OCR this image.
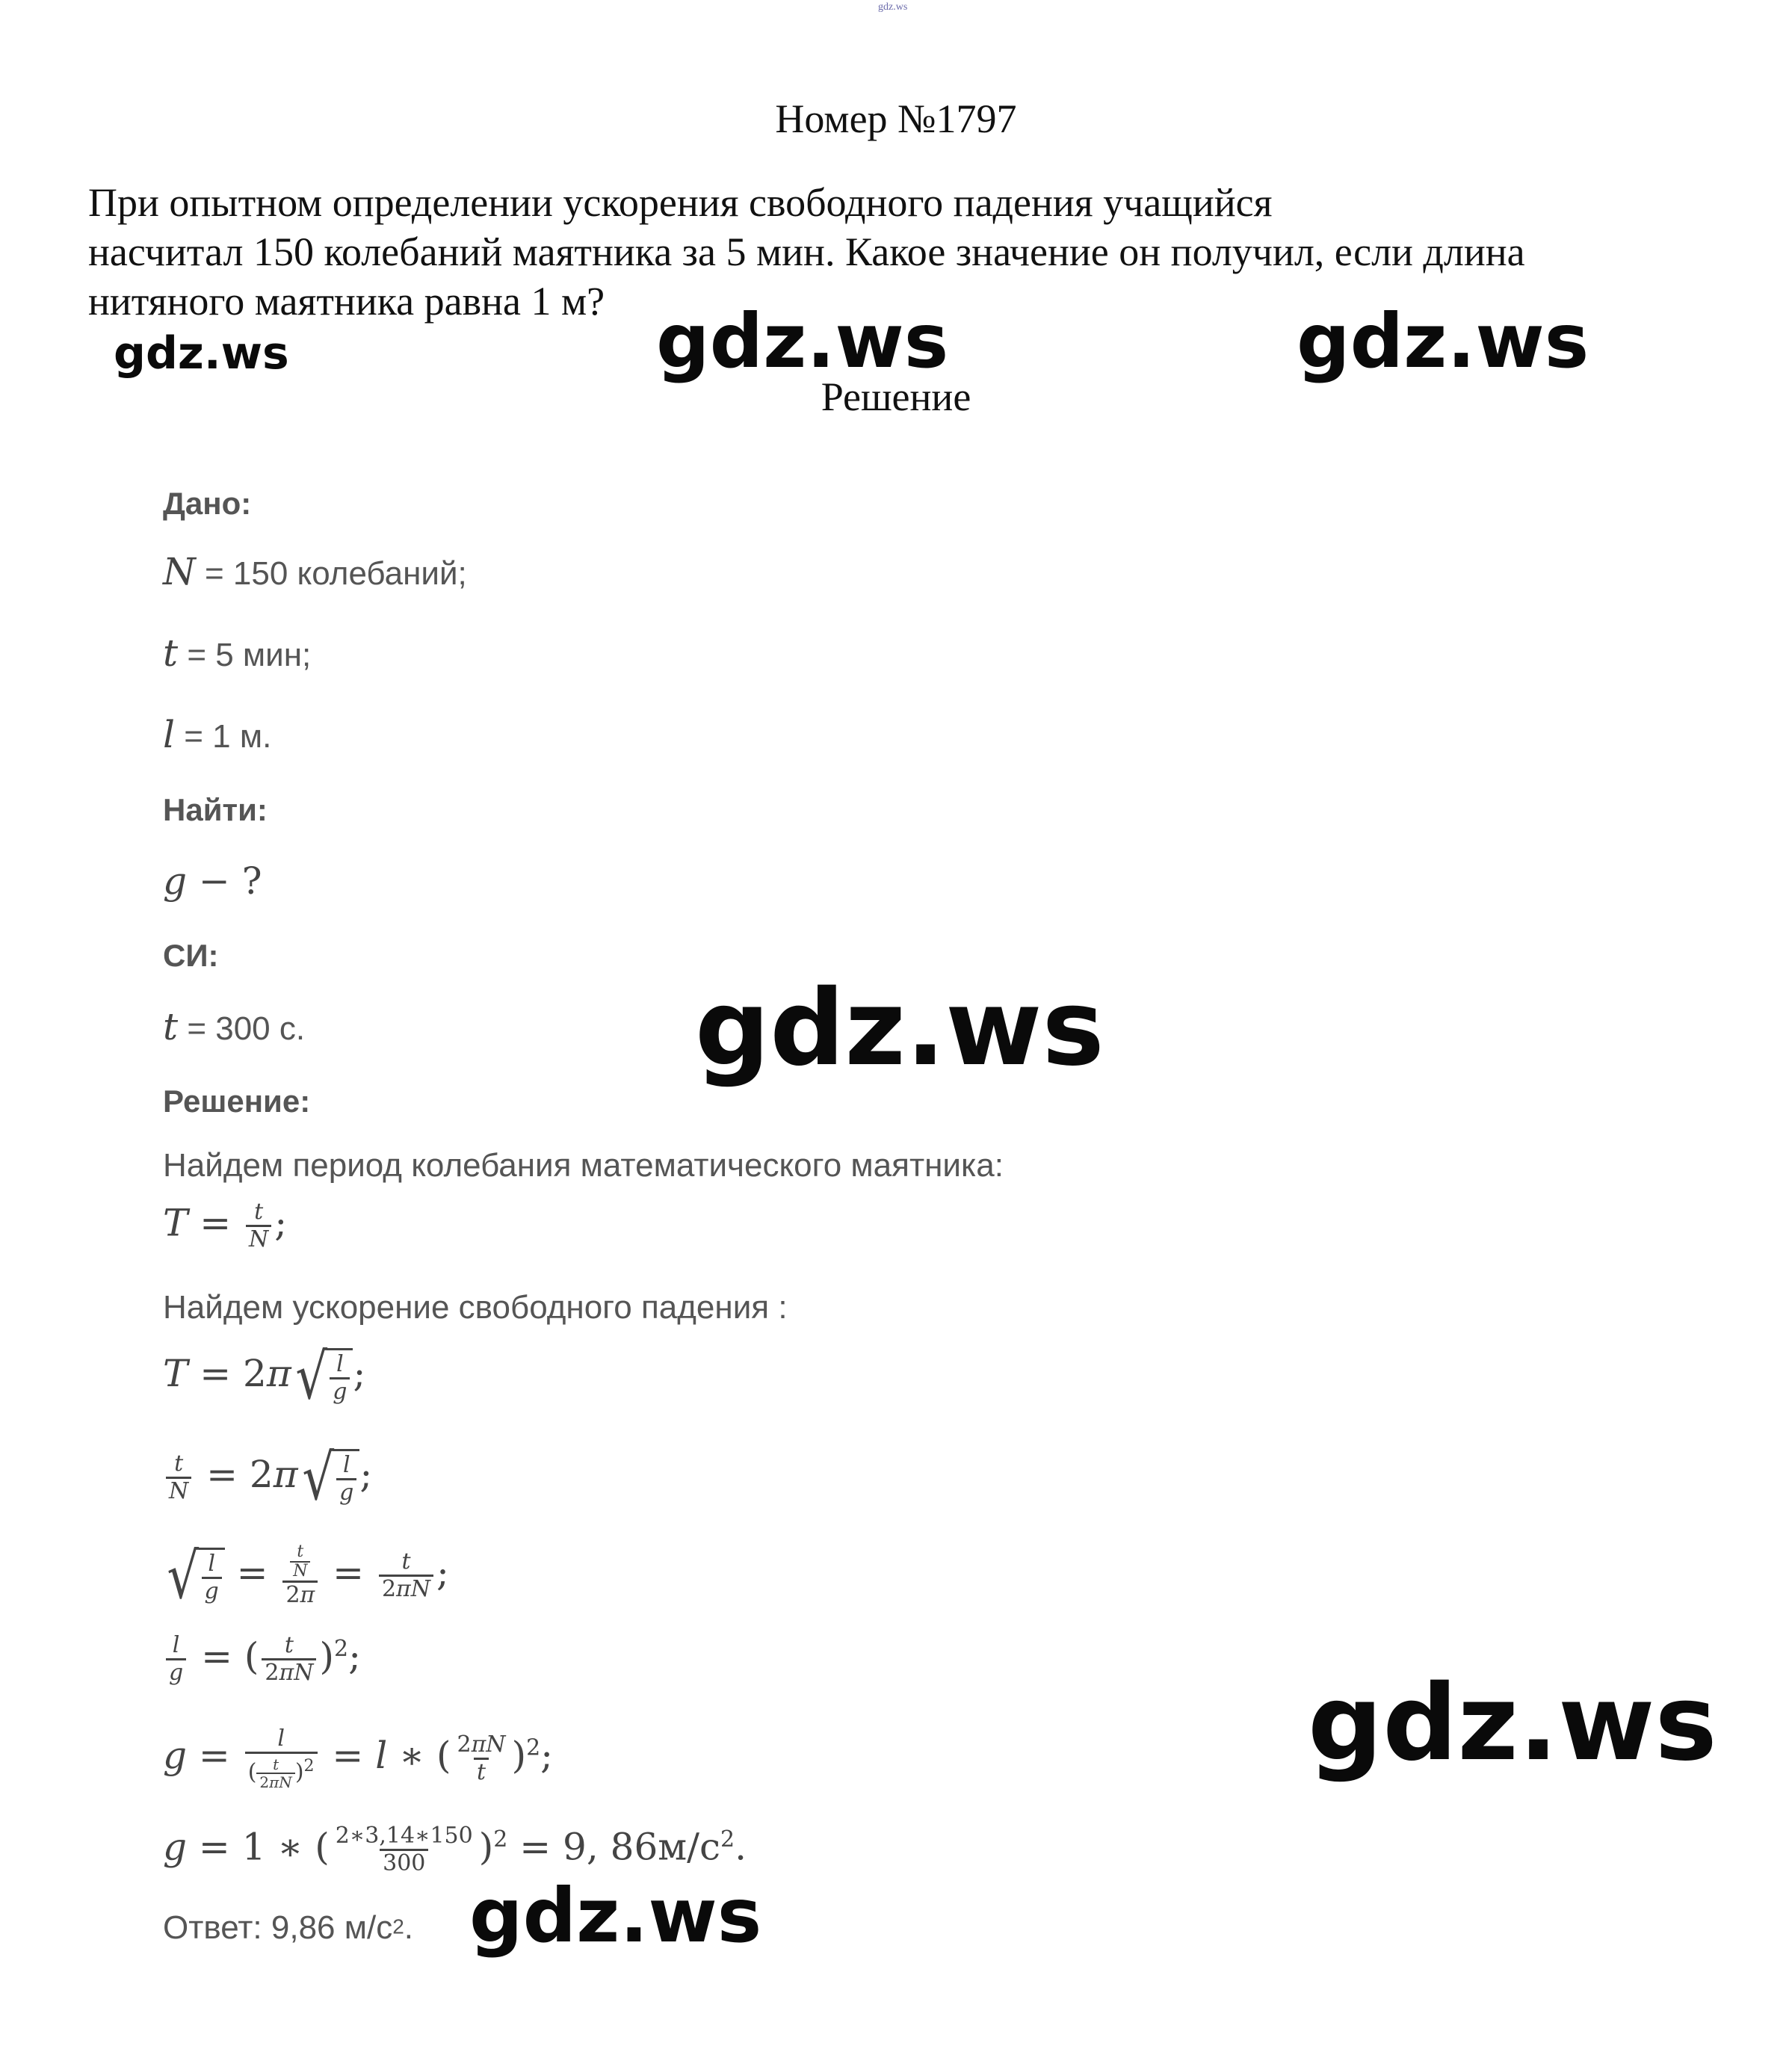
gdz.ws
Номер №1797
При опытном определении ускорения свободного падения учащийся
насчитал 150 колебаний маятника за 5 мин. Какое значение он получил, если длина
нитяного маятника равна 1 м?
Решение
Дано:
N = 150 колебаний;
t = 5 мин;
l = 1 м.
Найти:
g − ?
СИ:
t = 300 с.
Решение:
Найдем период колебания математического маятника:
$T = \frac{t}{N}$ ;
Найдем ускорение свободного падения :
T = 2π √ $\frac{l}{g}$ ;
$\frac{t}{N} = 2\pi$ √ $\frac{l}{g}$ ;
√ $\frac{l}{g} = \frac{\frac{t}{N}}{2\pi} = \frac{t}{2\pi N}$ ;
$\frac{l}{g}$ = ( $\frac{t}{2\pi N} )^2$;
$g = \frac{l}{( \frac{t}{2\pi N} )^2} = l$ ∗ ( $\frac{2\pi N}{t} )^2$;
g = 1 ∗ ( $\frac{2∗3,14∗150}{300} )^2 = 9$, $86м/с^2$.
Ответ: 9,86 $м/с^2$.
gdz.ws	gdz.ws	gdz.ws
gdz.ws
gdz.ws
gdz.ws
